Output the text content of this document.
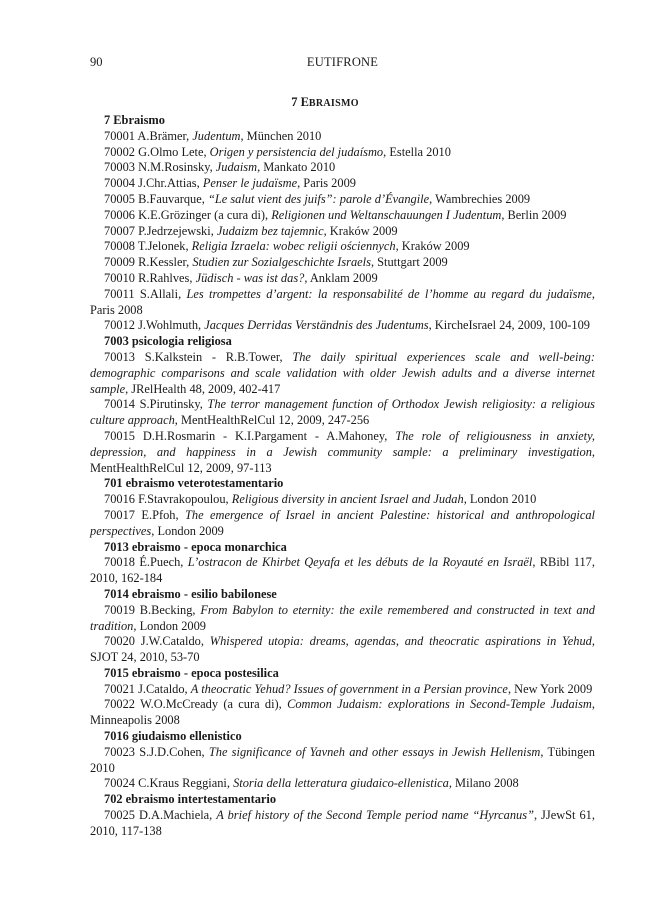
90	EUTIFRONE
7 EBRAISMO
7 Ebraismo
70001 A.Brämer, Judentum, München 2010
70002 G.Olmo Lete, Origen y persistencia del judaísmo, Estella 2010
70003 N.M.Rosinsky, Judaism, Mankato 2010
70004 J.Chr.Attias, Penser le judaïsme, Paris 2009
70005 B.Fauvarque, “Le salut vient des juifs”: parole d’Évangile, Wambrechies 2009
70006 K.E.Grözinger (a cura di), Religionen und Weltanschauungen I Judentum, Berlin 2009
70007 P.Jedrzejewski, Judaizm bez tajemnic, Kraków 2009
70008 T.Jelonek, Religia Izraela: wobec religii ościennych, Kraków 2009
70009 R.Kessler, Studien zur Sozialgeschichte Israels, Stuttgart 2009
70010 R.Rahlves, Jüdisch - was ist das?, Anklam 2009
70011 S.Allali, Les trompettes d’argent: la responsabilité de l’homme au regard du judaïsme, Paris 2008
70012 J.Wohlmuth, Jacques Derridas Verständnis des Judentums, KircheIsrael 24, 2009, 100-109
7003 psicologia religiosa
70013 S.Kalkstein - R.B.Tower, The daily spiritual experiences scale and well-being: demographic comparisons and scale validation with older Jewish adults and a diverse internet sample, JRelHealth 48, 2009, 402-417
70014 S.Pirutinsky, The terror management function of Orthodox Jewish religiosity: a religious culture approach, MentHealthRelCul 12, 2009, 247-256
70015 D.H.Rosmarin - K.I.Pargament - A.Mahoney, The role of religiousness in anxiety, depression, and happiness in a Jewish community sample: a preliminary investigation, MentHealthRelCul 12, 2009, 97-113
701 ebraismo veterotestamentario
70016 F.Stavrakopoulou, Religious diversity in ancient Israel and Judah, London 2010
70017 E.Pfoh, The emergence of Israel in ancient Palestine: historical and anthropological perspectives, London 2009
7013 ebraismo - epoca monarchica
70018 É.Puech, L’ostracon de Khirbet Qeyafa et les débuts de la Royauté en Israël, RBibl 117, 2010, 162-184
7014 ebraismo - esilio babilonese
70019 B.Becking, From Babylon to eternity: the exile remembered and constructed in text and tradition, London 2009
70020 J.W.Cataldo, Whispered utopia: dreams, agendas, and theocratic aspirations in Yehud, SJOT 24, 2010, 53-70
7015 ebraismo - epoca postesilica
70021 J.Cataldo, A theocratic Yehud? Issues of government in a Persian province, New York 2009
70022 W.O.McCready (a cura di), Common Judaism: explorations in Second-Temple Judaism, Minneapolis 2008
7016 giudaismo ellenistico
70023 S.J.D.Cohen, The significance of Yavneh and other essays in Jewish Hellenism, Tübingen 2010
70024 C.Kraus Reggiani, Storia della letteratura giudaico-ellenistica, Milano 2008
702 ebraismo intertestamentario
70025 D.A.Machiela, A brief history of the Second Temple period name “Hyrcanus”, JJewSt 61, 2010, 117-138
